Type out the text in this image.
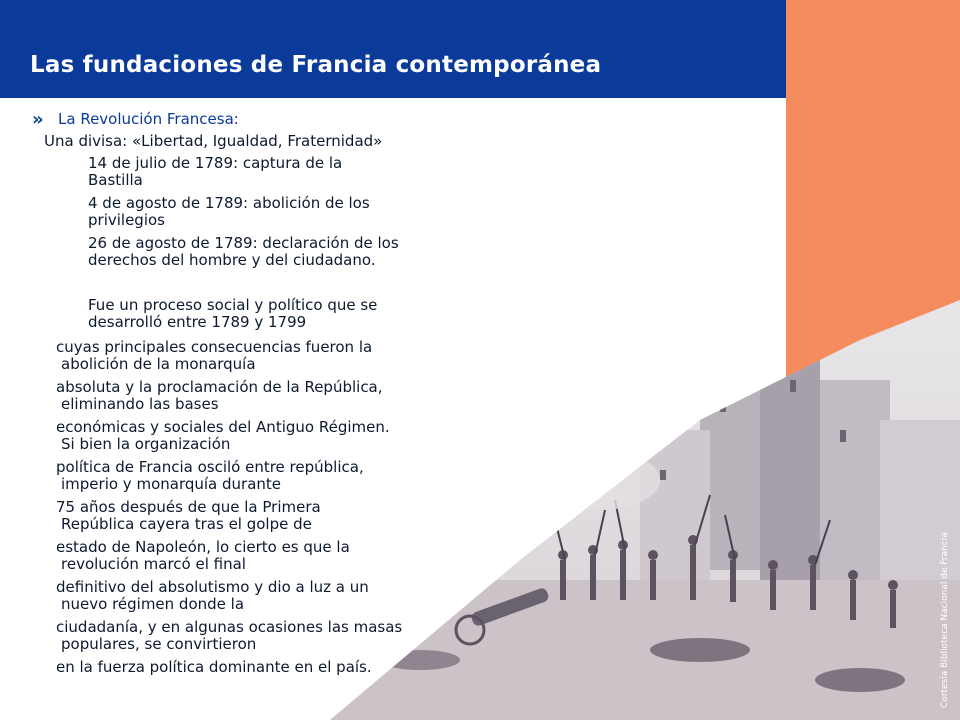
Las fundaciones de Francia contemporánea
Cortesía Biblioteca Nacional de Francia
» La Revolución Francesa:
Una divisa: «Libertad, Igualdad, Fraternidad»
14 de julio de 1789: captura de la
Bastilla
4 de agosto de 1789: abolición de los
privilegios
26 de agosto de 1789: declaración de los
derechos del hombre y del ciudadano.
Fue un proceso social y político que se
desarrolló entre 1789 y 1799
cuyas principales consecuencias fueron la
abolición de la monarquía
absoluta y la proclamación de la República,
eliminando las bases
económicas y sociales del Antiguo Régimen.
Si bien la organización
política de Francia osciló entre república,
imperio y monarquía durante
75 años después de que la Primera
República cayera tras el golpe de
estado de Napoleón, lo cierto es que la
revolución marcó el final
definitivo del absolutismo y dio a luz a un
nuevo régimen donde la
ciudadanía, y en algunas ocasiones las masas
populares, se convirtieron
en la fuerza política dominante en el país.
